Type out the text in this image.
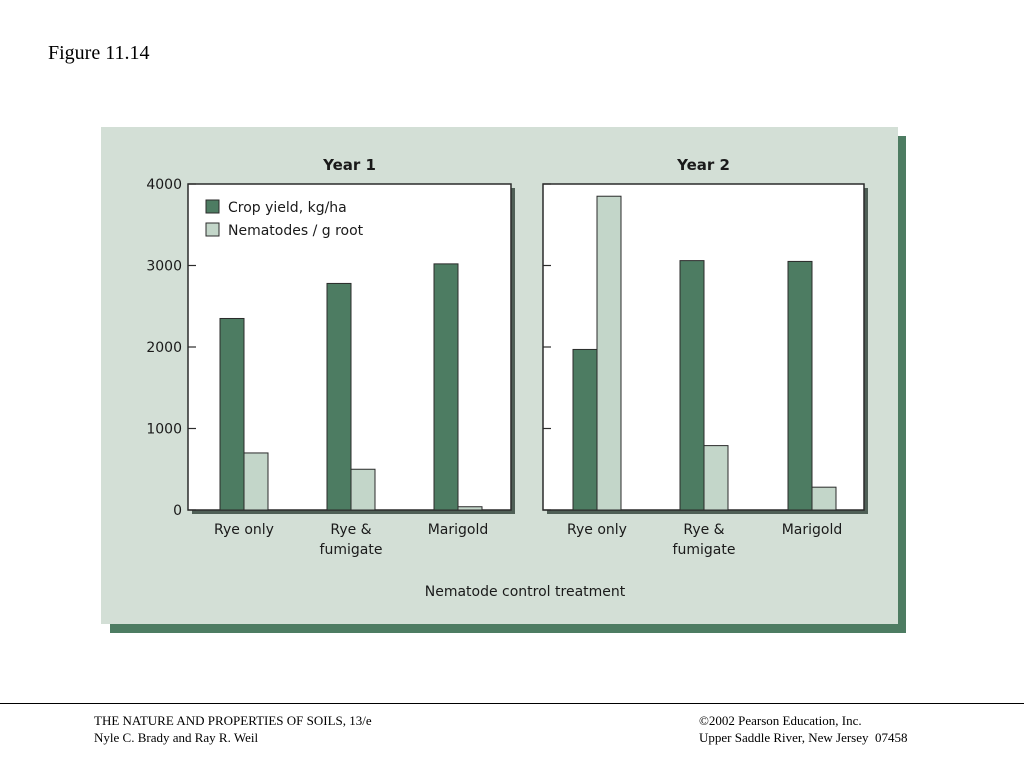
Figure 11.14
Year 1
Rye only	Rye &
fumigate
Marigold
Year 2
Rye only	Rye &
fumigate
Marigold
0
1000
2000
3000
4000
Crop yield, kg/ha
Nematodes / g root
Nematode control treatment
THE NATURE AND PROPERTIES OF SOILS, 13/e
Nyle C. Brady and Ray R. Weil
©2002 Pearson Education, Inc.
Upper Saddle River, New Jersey  07458
